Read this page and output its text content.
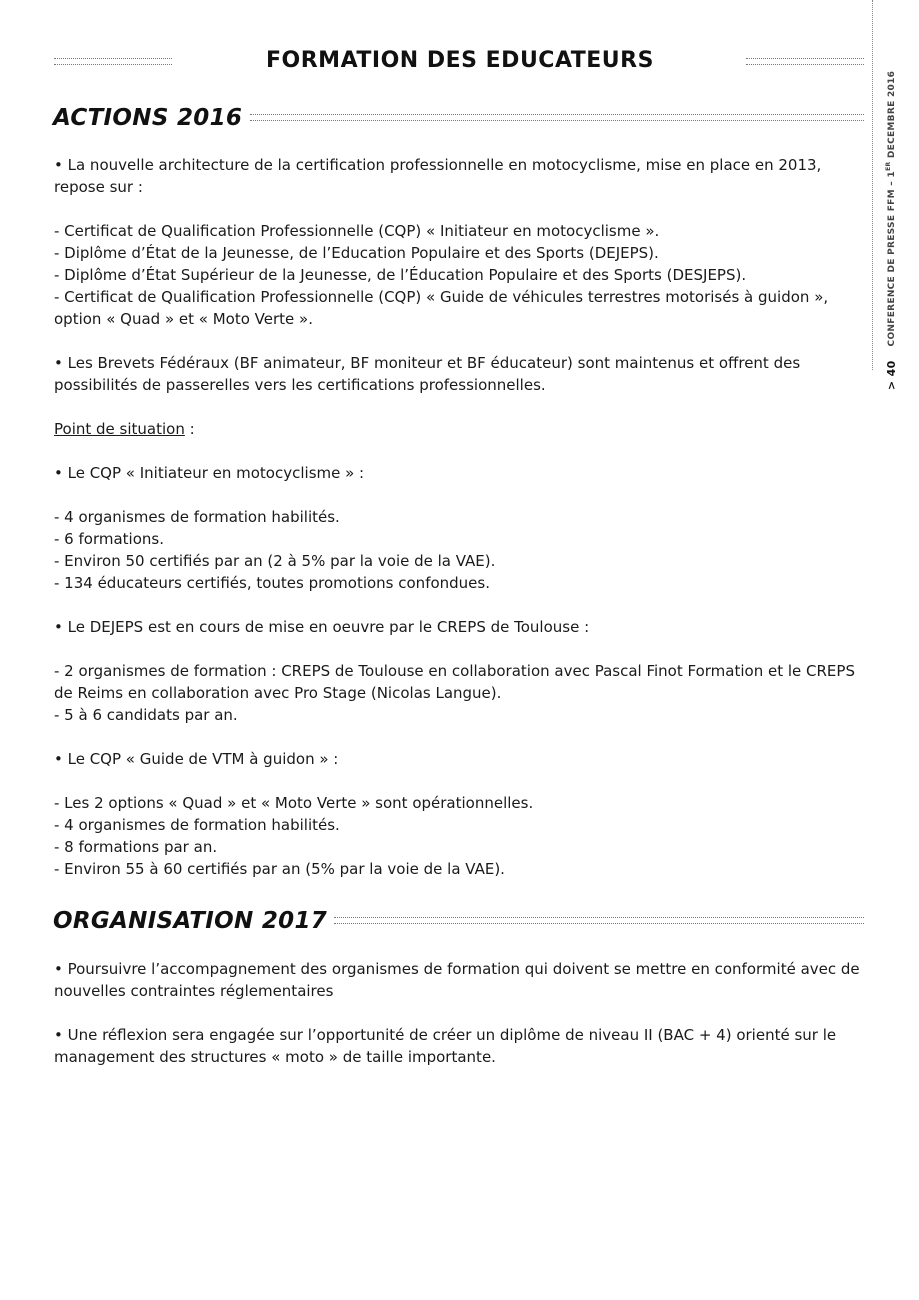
> 40
CONFERENCE DE PRESSE FFM – 1ER DECEMBRE 2016
FORMATION DES EDUCATEURS
ACTIONS 2016

• La nouvelle architecture de la certification professionnelle en motocyclisme, mise en place en 2013, repose sur :

- Certificat de Qualification Professionnelle (CQP) « Initiateur en motocyclisme ».
- Diplôme d’État de la Jeunesse, de l’Education Populaire et des Sports (DEJEPS).
- Diplôme d’État Supérieur de la Jeunesse, de l’Éducation Populaire et des Sports (DESJEPS).
- Certificat de Qualification Professionnelle (CQP) « Guide de véhicules terrestres motorisés à guidon », option « Quad » et « Moto Verte ».

• Les Brevets Fédéraux (BF animateur, BF moniteur et BF éducateur) sont maintenus et offrent des possibilités de passerelles vers les certifications professionnelles.

Point de situation :

• Le CQP « Initiateur en motocyclisme » :

- 4 organismes de formation habilités.
- 6 formations.
- Environ 50 certifiés par an (2 à 5% par la voie de la VAE).
- 134 éducateurs certifiés, toutes promotions confondues.

• Le DEJEPS est en cours de mise en oeuvre par le CREPS de Toulouse :

- 2 organismes de formation : CREPS de Toulouse en collaboration avec Pascal Finot Formation et le CREPS de Reims en collaboration avec Pro Stage (Nicolas Langue).
- 5 à 6 candidats par an.

• Le CQP « Guide de VTM à guidon » :

- Les 2 options « Quad » et « Moto Verte » sont opérationnelles.
- 4 organismes de formation habilités.
- 8 formations par an.
- Environ 55 à 60 certifiés par an (5% par la voie de la VAE).
ORGANISATION 2017

• Poursuivre l’accompagnement des organismes de formation qui doivent se mettre en conformité avec de nouvelles contraintes réglementaires

• Une réflexion sera engagée sur l’opportunité de créer un diplôme de niveau II (BAC + 4) orienté sur le management des structures « moto » de taille importante.
